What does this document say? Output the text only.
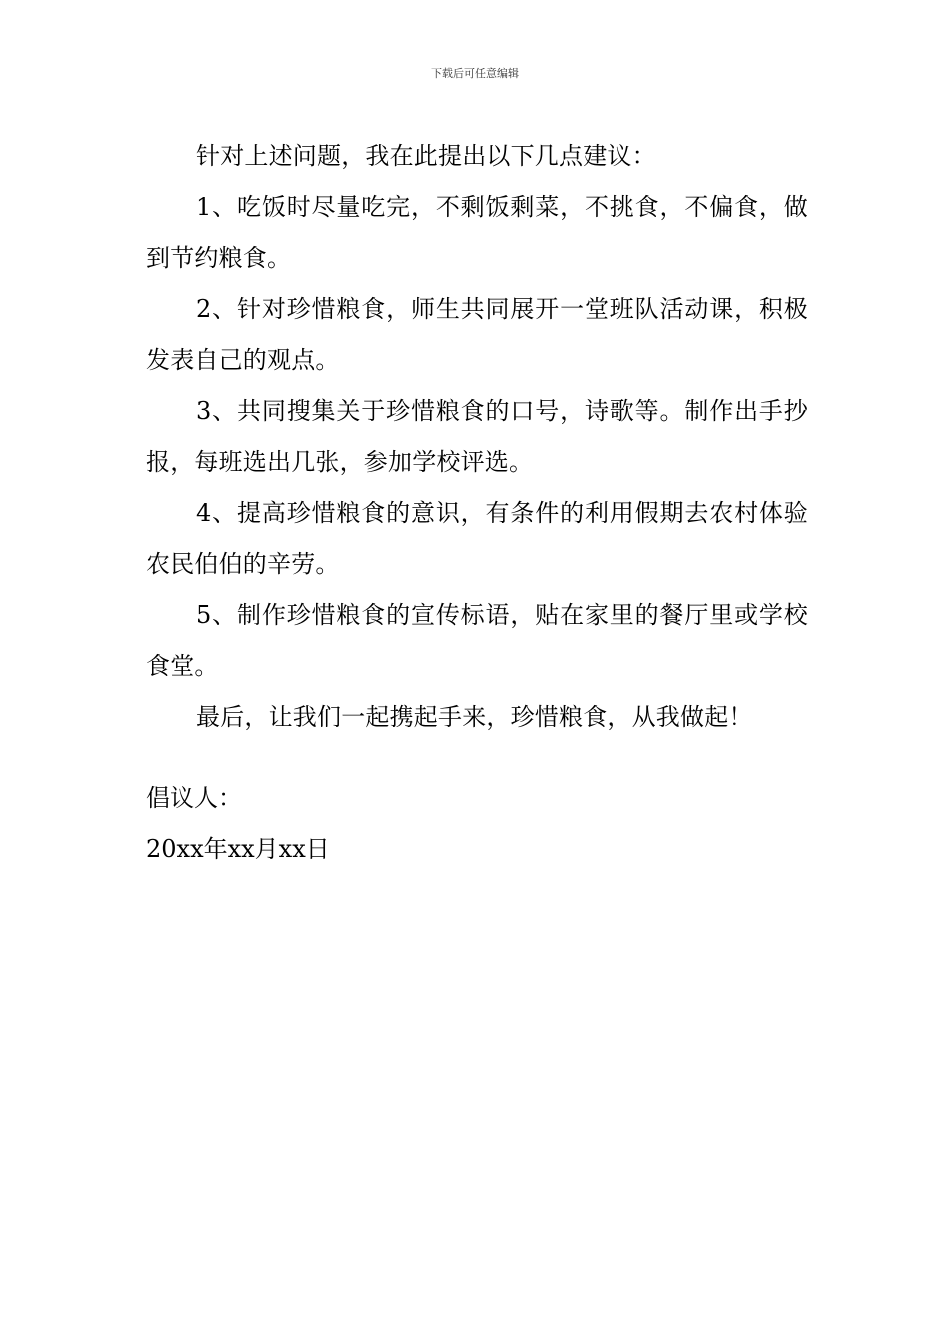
下载后可任意编辑

针对上述问题，我在此提出以下几点建议：

1、吃饭时尽量吃完，不剩饭剩菜，不挑食，不偏食，做到节约粮食。

2、针对珍惜粮食，师生共同展开一堂班队活动课，积极发表自己的观点。

3、共同搜集关于珍惜粮食的口号，诗歌等。制作出手抄报，每班选出几张，参加学校评选。

4、提高珍惜粮食的意识，有条件的利用假期去农村体验农民伯伯的辛劳。

5、制作珍惜粮食的宣传标语，贴在家里的餐厅里或学校食堂。

最后，让我们一起携起手来，珍惜粮食，从我做起！

倡议人：

20xx年xx月xx日
